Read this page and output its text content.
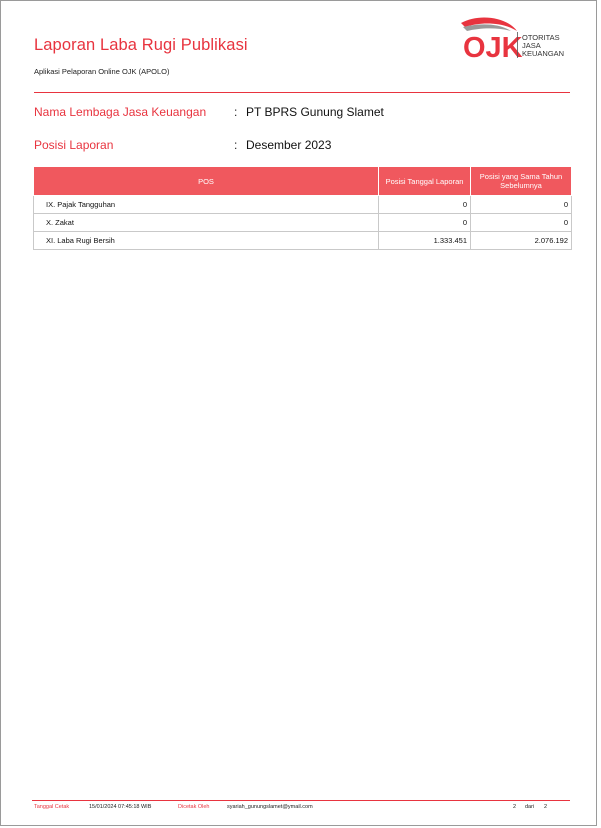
Laporan Laba Rugi Publikasi
Aplikasi Pelaporan Online OJK (APOLO)
OJK OTORITAS
JASA
KEUANGAN
Nama Lembaga Jasa Keuangan : PT BPRS Gunung Slamet
Posisi Laporan	: Desember 2023
POS	Posisi Tanggal Laporan	Posisi yang Sama Tahun Sebelumnya
IX. Pajak Tangguhan	0	0
X. Zakat	0	0
XI. Laba Rugi Bersih	1.333.451	2.076.192
Tanggal Cetak	15/01/2024 07:45:18 WIB	Dicetak Oleh	syariah_gunungslamet@ymail.com	2 dari 2
